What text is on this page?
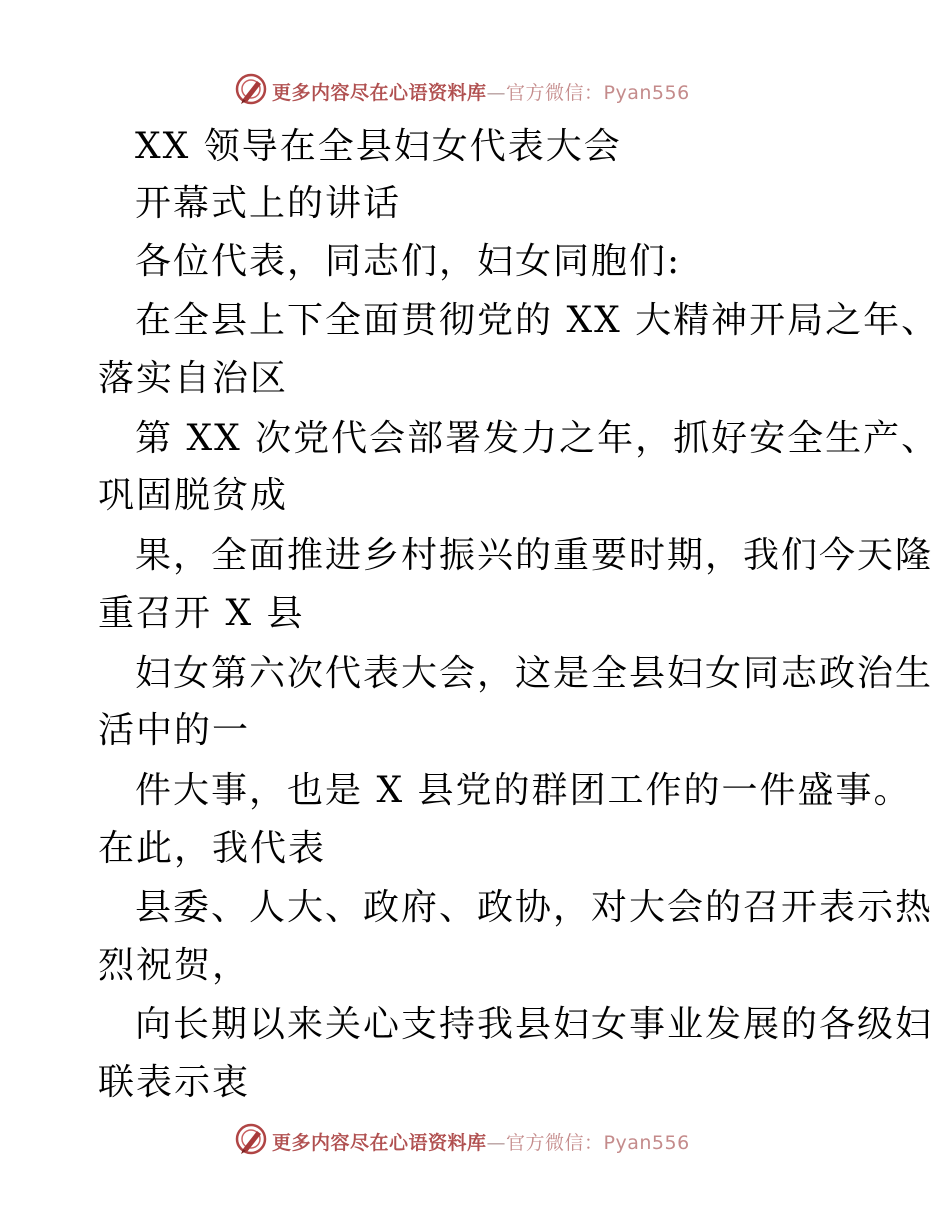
更多内容尽在心语资料库—官方微信：Pyan556
XX 领导在全县妇女代表大会
开幕式上的讲话
各位代表，同志们，妇女同胞们:
在全县上下全面贯彻党的 XX 大精神开局之年、
落实自治区
第 XX 次党代会部署发力之年，抓好安全生产、
巩固脱贫成
果，全面推进乡村振兴的重要时期，我们今天隆
重召开 X 县
妇女第六次代表大会，这是全县妇女同志政治生
活中的一
件大事，也是 X 县党的群团工作的一件盛事。
在此，我代表
县委、人大、政府、政协，对大会的召开表示热
烈祝贺，
向长期以来关心支持我县妇女事业发展的各级妇
联表示衷
更多内容尽在心语资料库—官方微信：Pyan556
